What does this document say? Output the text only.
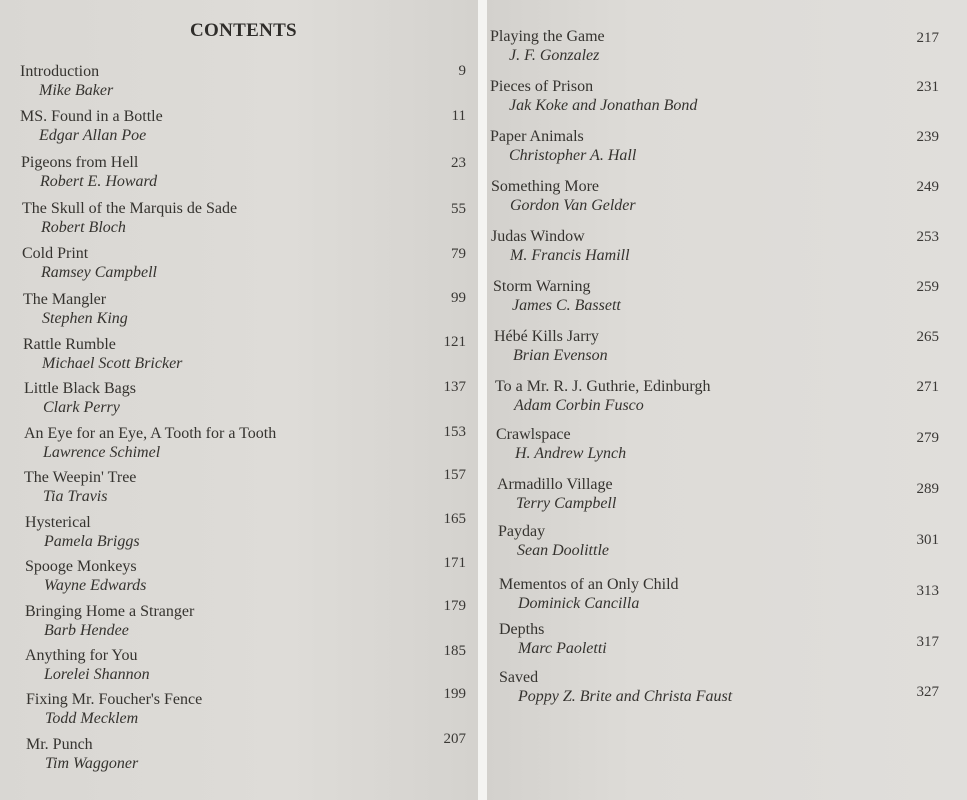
CONTENTS
Introduction
Mike Baker
9
MS. Found in a Bottle
Edgar Allan Poe
11
Pigeons from Hell
Robert E. Howard
23
The Skull of the Marquis de Sade
Robert Bloch
55
Cold Print
Ramsey Campbell
79
The Mangler
Stephen King
99
Rattle Rumble
Michael Scott Bricker
121
Little Black Bags
Clark Perry
137
An Eye for an Eye, A Tooth for a Tooth
Lawrence Schimel
153
The Weepin' Tree
Tia Travis
157
Hysterical
Pamela Briggs
165
Spooge Monkeys
Wayne Edwards
171
Bringing Home a Stranger
Barb Hendee
179
Anything for You
Lorelei Shannon
185
Fixing Mr. Foucher's Fence
Todd Mecklem
199
Mr. Punch
Tim Waggoner
207
Playing the Game
J. F. Gonzalez
217
Pieces of Prison
Jak Koke and Jonathan Bond
231
Paper Animals
Christopher A. Hall
239
Something More
Gordon Van Gelder
249
Judas Window
M. Francis Hamill
253
Storm Warning
James C. Bassett
259
Hébé Kills Jarry
Brian Evenson
265
To a Mr. R. J. Guthrie, Edinburgh
Adam Corbin Fusco
271
Crawlspace
H. Andrew Lynch
279
Armadillo Village
Terry Campbell
289
Payday
Sean Doolittle
301
Mementos of an Only Child
Dominick Cancilla
313
Depths
Marc Paoletti	317
Saved
Poppy Z. Brite and Christa Faust	327
